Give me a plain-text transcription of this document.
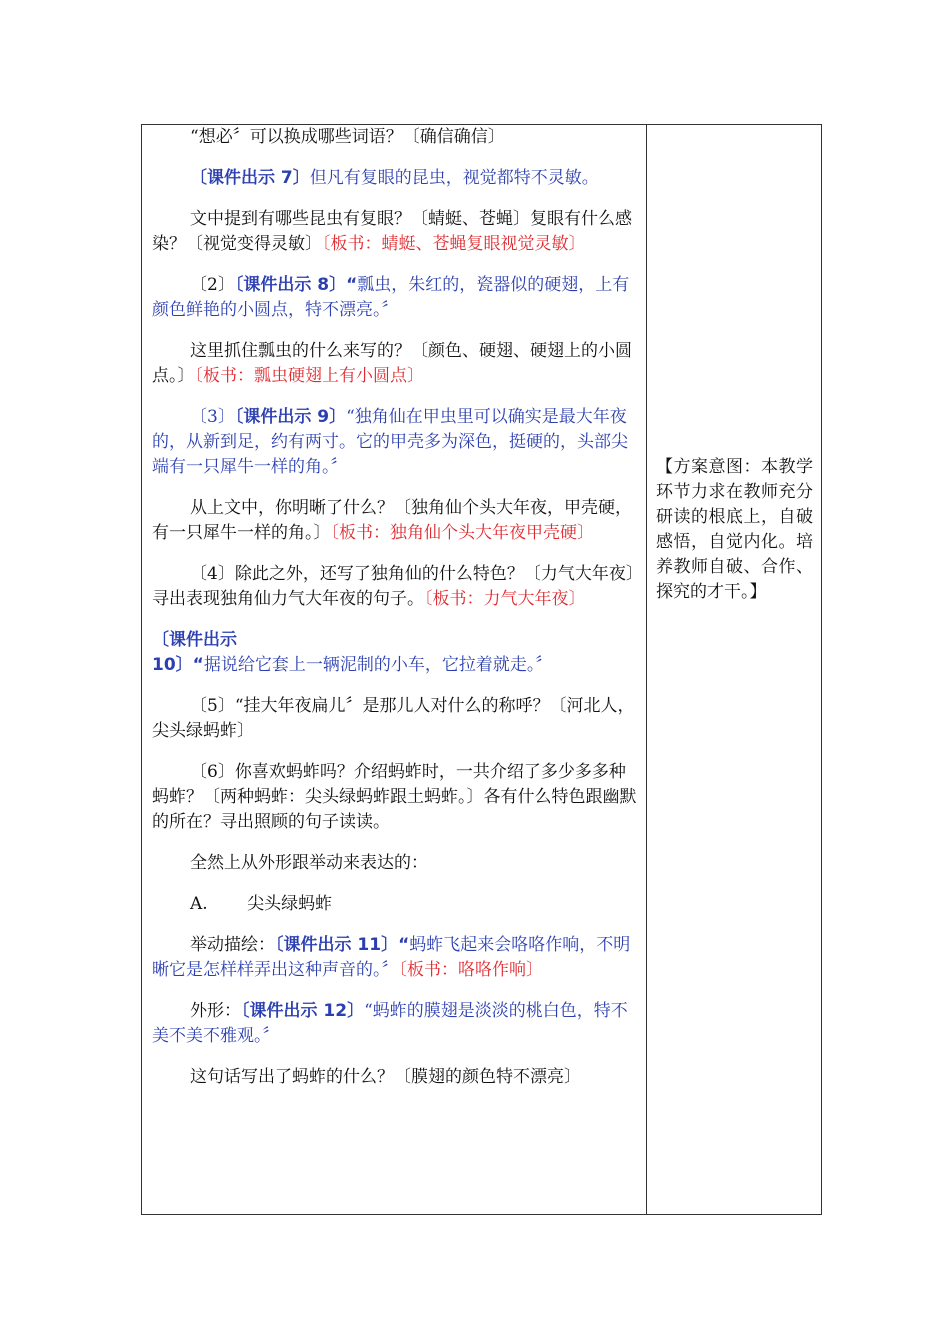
“想必〞可以换成哪些词语？〔确信确信〕

〔课件出示 7〕但凡有复眼的昆虫，视觉都特不灵敏。

文中提到有哪些昆虫有复眼？〔蜻蜓、苍蝇〕复眼有什么感染？〔视觉变得灵敏〕〔板书：蜻蜓、苍蝇复眼视觉灵敏〕

〔2〕〔课件出示 8〕“瓢虫，朱红的，瓷器似的硬翅，上有颜色鲜艳的小圆点，特不漂亮。〞

这里抓住瓢虫的什么来写的？〔颜色、硬翅、硬翅上的小圆点。〕〔板书：瓢虫硬翅上有小圆点〕

〔3〕〔课件出示 9〕“独角仙在甲虫里可以确实是最大年夜的，从新到足，约有两寸。它的甲壳多为深色，挺硬的，头部尖端有一只犀牛一样的角。〞

从上文中，你明晰了什么？〔独角仙个头大年夜，甲壳硬，有一只犀牛一样的角。〕〔板书：独角仙个头大年夜甲壳硬〕

〔4〕除此之外，还写了独角仙的什么特色？〔力气大年夜〕寻出表现独角仙力气大年夜的句子。〔板书：力气大年夜〕

〔课件出示 10〕“据说给它套上一辆泥制的小车，它拉着就走。〞

〔5〕“挂大年夜扁儿〞是那儿人对什么的称呼？〔河北人，尖头绿蚂蚱〕

〔6〕你喜欢蚂蚱吗？介绍蚂蚱时，一共介绍了多少多多种蚂蚱？〔两种蚂蚱：尖头绿蚂蚱跟土蚂蚱。〕各有什么特色跟幽默的所在？寻出照顾的句子读读。

全然上从外形跟举动来表达的：

A.　　 尖头绿蚂蚱

举动描绘：〔课件出示 11〕“蚂蚱飞起来会咯咯作响，不明晰它是怎样样弄出这种声音的。〞〔板书：咯咯作响〕

外形：〔课件出示 12〕“蚂蚱的膜翅是淡淡的桃白色，特不美不美不雅观。〞

这句话写出了蚂蚱的什么？〔膜翅的颜色特不漂亮〕

【方案意图：本教学环节力求在教师充分研读的根底上，自破感悟，自觉内化。培养教师自破、合作、探究的才干。】
